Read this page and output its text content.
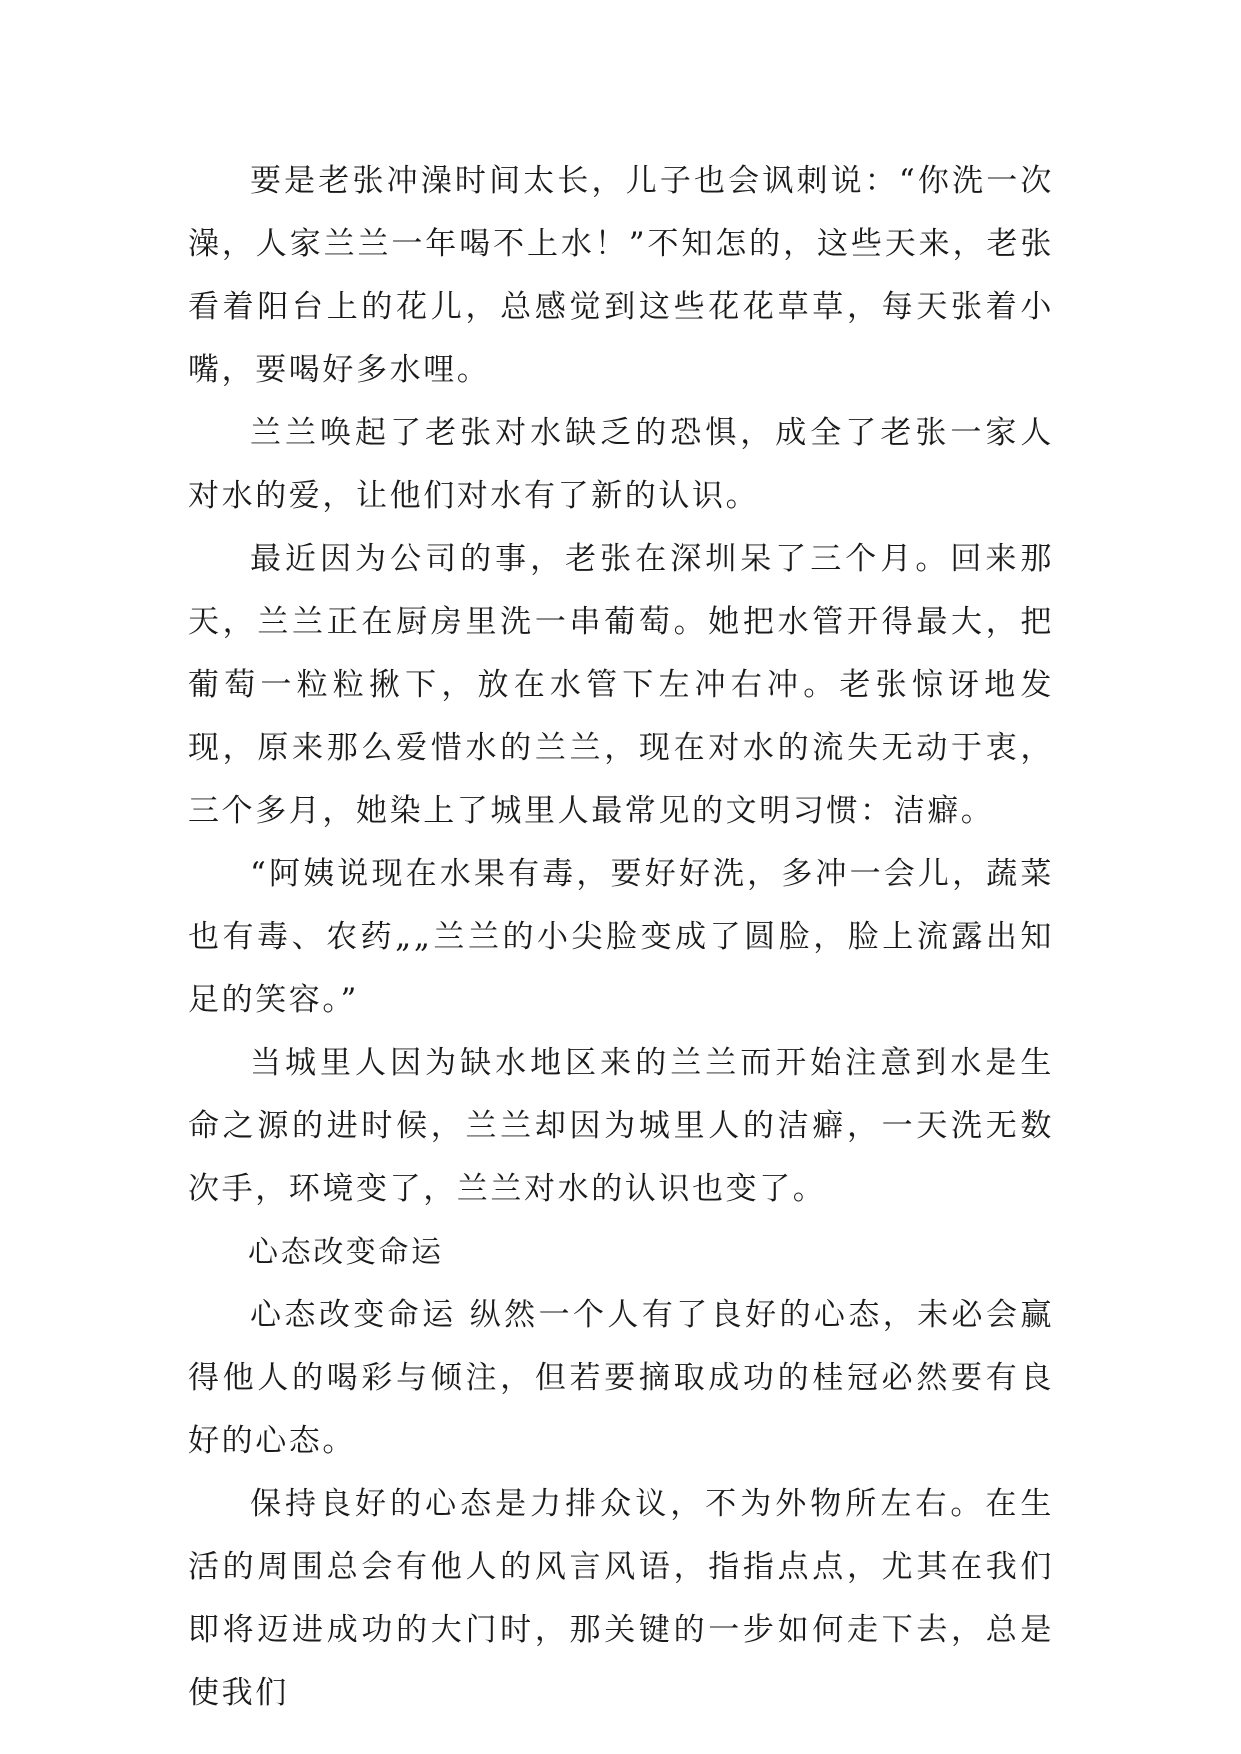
要是老张冲澡时间太长，儿子也会讽刺说：“你洗一次澡，人家兰兰一年喝不上水！”不知怎的，这些天来，老张看着阳台上的花儿，总感觉到这些花花草草，每天张着小嘴，要喝好多水哩。

兰兰唤起了老张对水缺乏的恐惧，成全了老张一家人对水的爱，让他们对水有了新的认识。

最近因为公司的事，老张在深圳呆了三个月。回来那天，兰兰正在厨房里洗一串葡萄。她把水管开得最大，把葡萄一粒粒揪下，放在水管下左冲右冲。老张惊讶地发现，原来那么爱惜水的兰兰，现在对水的流失无动于衷，三个多月，她染上了城里人最常见的文明习惯：洁癖。

“阿姨说现在水果有毒，要好好洗，多冲一会儿，蔬菜也有毒、农药„„兰兰的小尖脸变成了圆脸，脸上流露出知足的笑容。”

当城里人因为缺水地区来的兰兰而开始注意到水是生命之源的进时候，兰兰却因为城里人的洁癖，一天洗无数次手，环境变了，兰兰对水的认识也变了。

心态改变命运

心态改变命运 纵然一个人有了良好的心态，未必会赢得他人的喝彩与倾注，但若要摘取成功的桂冠必然要有良好的心态。

保持良好的心态是力排众议，不为外物所左右。在生活的周围总会有他人的风言风语，指指点点，尤其在我们即将迈进成功的大门时，那关键的一步如何走下去，总是使我们
